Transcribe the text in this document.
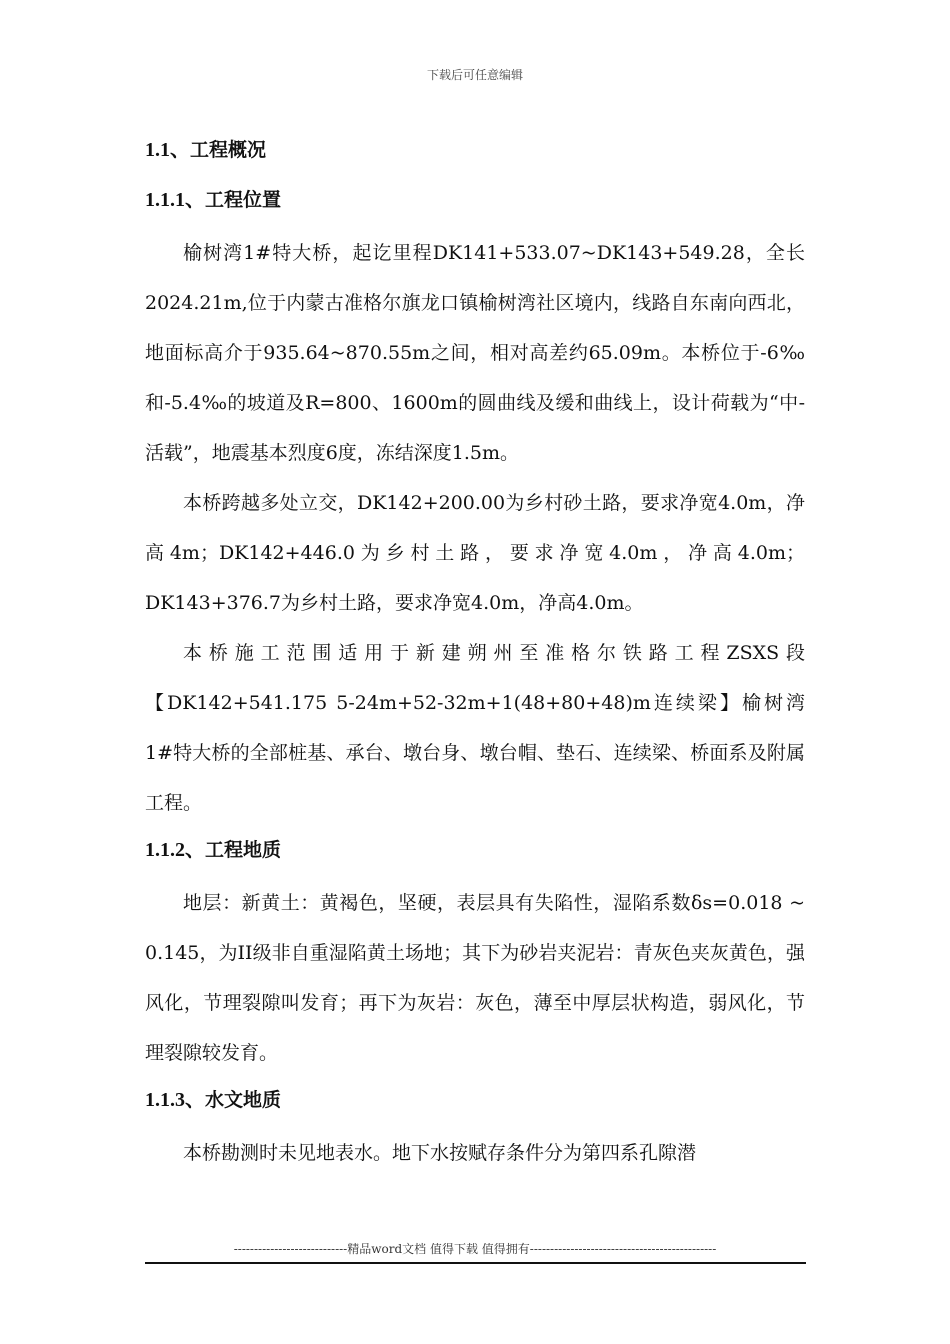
下载后可任意编辑
1.1、工程概况
1.1.1、工程位置

榆树湾1#特大桥，起讫里程DK141+533.07~DK143+549.28，全长2024.21m,位于内蒙古准格尔旗龙口镇榆树湾社区境内，线路自东南向西北，地面标高介于935.64~870.55m之间，相对高差约65.09m。本桥位于-6‰和-5.4‰的坡道及R=800、1600m的圆曲线及缓和曲线上，设计荷载为“中-活载”，地震基本烈度6度，冻结深度1.5m。

本桥跨越多处立交，DK142+200.00为乡村砂土路，要求净宽4.0m，净高4m；DK142+446.0为乡村土路，要求净宽4.0m，净高4.0m；DK143+376.7为乡村土路，要求净宽4.0m，净高4.0m。

本桥施工范围适用于新建朔州至准格尔铁路工程ZSXS段【DK142+541.175 5-24m+52-32m+1(48+80+48)m连续梁】榆树湾1#特大桥的全部桩基、承台、墩台身、墩台帽、垫石、连续梁、桥面系及附属工程。

1.1.2、工程地质

地层：新黄土：黄褐色，坚硬，表层具有失陷性，湿陷系数δs=0.018 ~ 0.145，为II级非自重湿陷黄土场地；其下为砂岩夹泥岩：青灰色夹灰黄色，强风化，节理裂隙叫发育；再下为灰岩：灰色，薄至中厚层状构造，弱风化，节理裂隙较发育。

1.1.3、水文地质

本桥勘测时未见地表水。地下水按赋存条件分为第四系孔隙潜

----------------------------精品word文档 值得下载 值得拥有----------------------------------------------
